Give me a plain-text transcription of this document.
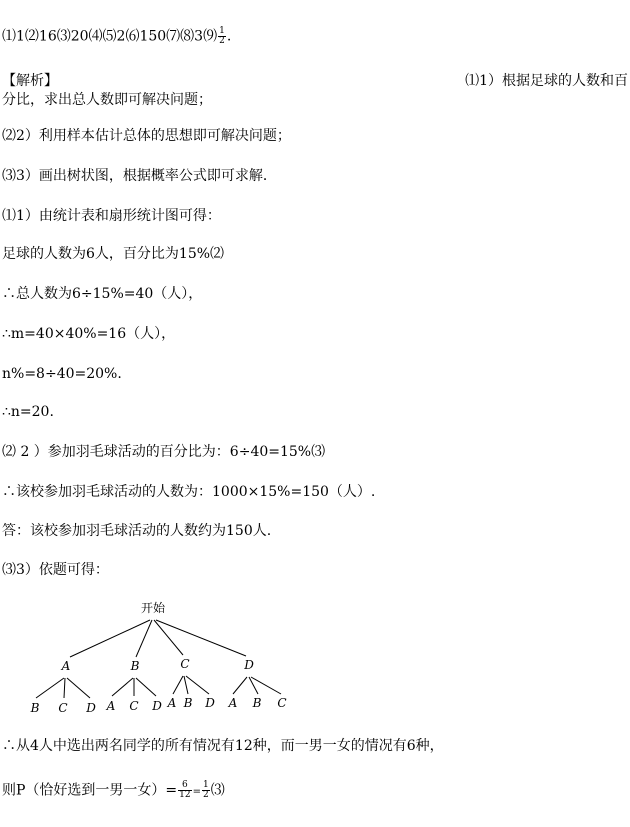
⑴1⑵16⑶20⑷⑸2⑹150⑺⑻3⑼ $\frac{1}{2}$ .
【解析】	⑴1）根据足球的人数和百
分比，求出总人数即可解决问题；
⑵2）利用样本估计总体的思想即可解决问题；
⑶3）画出树状图，根据概率公式即可求解．
⑴1）由统计表和扇形统计图可得：
足球的人数为6人，百分比为15%⑵
∴总人数为6÷15%=40（人），
∴m=40×40%=16（人），
n%=8÷40=20%.
∴n=20.
⑵ 2 ）参加羽毛球活动的百分比为：6÷40=15%⑶
∴该校参加羽毛球活动的人数为：1000×15%=150（人）.
答：该校参加羽毛球活动的人数约为150人.
⑶3）依题可得：
开始
A	B	C	D
B C D A C D A B D A B C
∴从4人中选出两名同学的所有情况有12种，而一男一女的情况有6种，
则P（恰好选到一男一女）= $\frac{6}{12} = \frac{1}{2}$ ⑶
